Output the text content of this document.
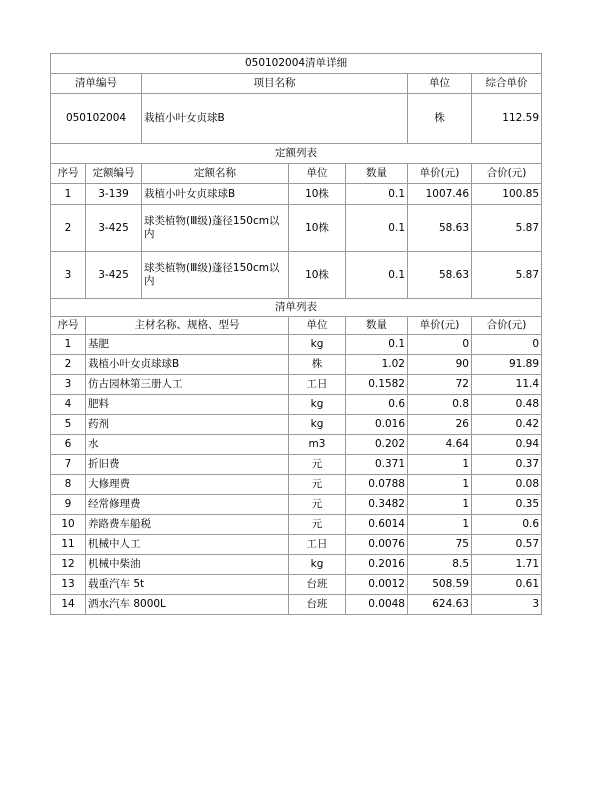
050102004清单详细						
清单编号		项目名称			单位	综合单价
050102004		栽植小叶女贞球B			株	112.59
定额列表						
序号	定额编号	定额名称	单位	数量	单价(元)	合价(元)
1	3-139	栽植小叶女贞球球B	10株	0.1	1007.46	100.85
2	3-425	球类植物(Ⅲ级)蓬径150cm以内	10株	0.1	58.63	5.87
3	3-425	球类植物(Ⅲ级)蓬径150cm以内	10株	0.1	58.63	5.87
清单列表						
序号	主材名称、规格、型号		单位	数量	单价(元)	合价(元)
1	基肥		kg	0.1	0	0
2	栽植小叶女贞球球B		株	1.02	90	91.89
3	仿古园林第三册人工		工日	0.1582	72	11.4
4	肥料		kg	0.6	0.8	0.48
5	药剂		kg	0.016	26	0.42
6	水		m3	0.202	4.64	0.94
7	折旧费		元	0.371	1	0.37
8	大修理费		元	0.0788	1	0.08
9	经常修理费		元	0.3482	1	0.35
10	养路费车船税		元	0.6014	1	0.6
11	机械中人工		工日	0.0076	75	0.57
12	机械中柴油		kg	0.2016	8.5	1.71
13	载重汽车 5t		台班	0.0012	508.59	0.61
14	洒水汽车 8000L		台班	0.0048	624.63	3
